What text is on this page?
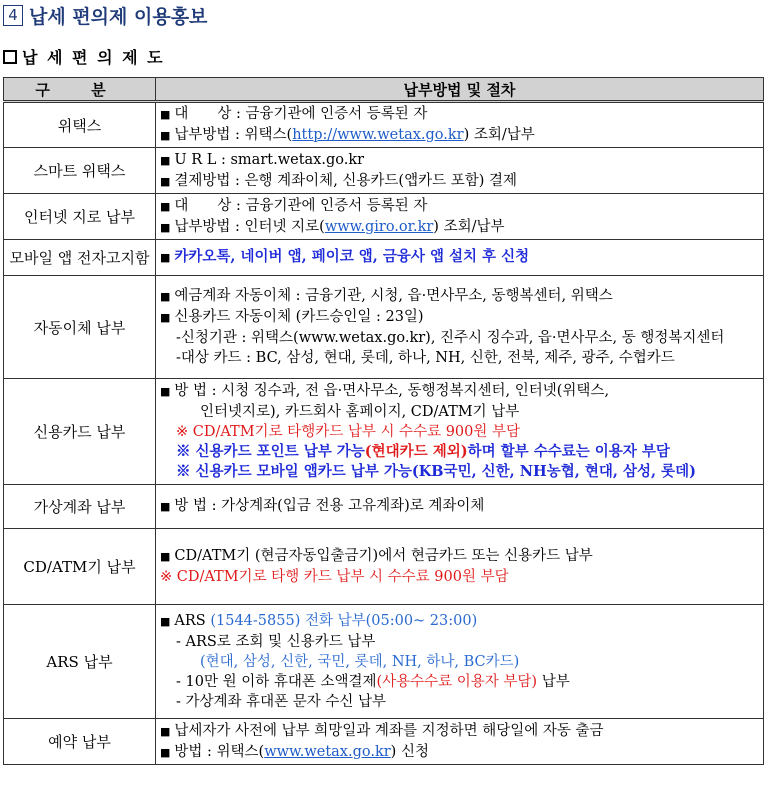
4 납세 편의제 이용홍보
납 세 편 의 제 도
구 분	납부방법 및 절차
위택스	■ 대　　상 : 금융기관에 인증서 등록된 자
■ 납부방법 : 위택스(http://www.wetax.go.kr) 조회/납부

스마트 위택스	■ U R L : smart.wetax.go.kr
■ 결제방법 : 은행 계좌이체, 신용카드(앱카드 포함) 결제

인터넷 지로 납부	■ 대　　상 : 금융기관에 인증서 등록된 자
■ 납부방법 : 인터넷 지로(www.giro.or.kr) 조회/납부

모바일 앱 전자고지함	■ 카카오톡, 네이버 앱, 페이코 앱, 금융사 앱 설치 후 신청

자동이체 납부	■ 예금계좌 자동이체 : 금융기관, 시청, 읍·면사무소, 동행복센터, 위택스
■ 신용카드 자동이체 (카드승인일 : 23일)
-신청기관 : 위택스(www.wetax.go.kr), 진주시 징수과, 읍·면사무소, 동 행정복지센터
-대상 카드 : BC, 삼성, 현대, 롯데, 하나, NH, 신한, 전북, 제주, 광주, 수협카드

신용카드 납부	■ 방 법 : 시청 징수과, 전 읍·면사무소, 동행정복지센터, 인터넷(위택스,
인터넷지로), 카드회사 홈페이지, CD/ATM기 납부
※ CD/ATM기로 타행카드 납부 시 수수료 900원 부담
※ 신용카드 포인트 납부 가능(현대카드 제외)하며 할부 수수료는 이용자 부담
※ 신용카드 모바일 앱카드 납부 가능(KB국민, 신한, NH농협, 현대, 삼성, 롯데)

가상계좌 납부	■ 방 법 : 가상계좌(입금 전용 고유계좌)로 계좌이체

CD/ATM기 납부	■ CD/ATM기 (현금자동입출금기)에서 현금카드 또는 신용카드 납부
※ CD/ATM기로 타행 카드 납부 시 수수료 900원 부담

ARS 납부	■ ARS (1544-5855) 전화 납부(05:00~ 23:00)
- ARS로 조회 및 신용카드 납부
(현대, 삼성, 신한, 국민, 롯데, NH, 하나, BC카드)
- 10만 원 이하 휴대폰 소액결제(사용수수료 이용자 부담) 납부
- 가상계좌 휴대폰 문자 수신 납부

예약 납부	■ 납세자가 사전에 납부 희망일과 계좌를 지정하면 해당일에 자동 출금
■ 방법 : 위택스(www.wetax.go.kr) 신청
